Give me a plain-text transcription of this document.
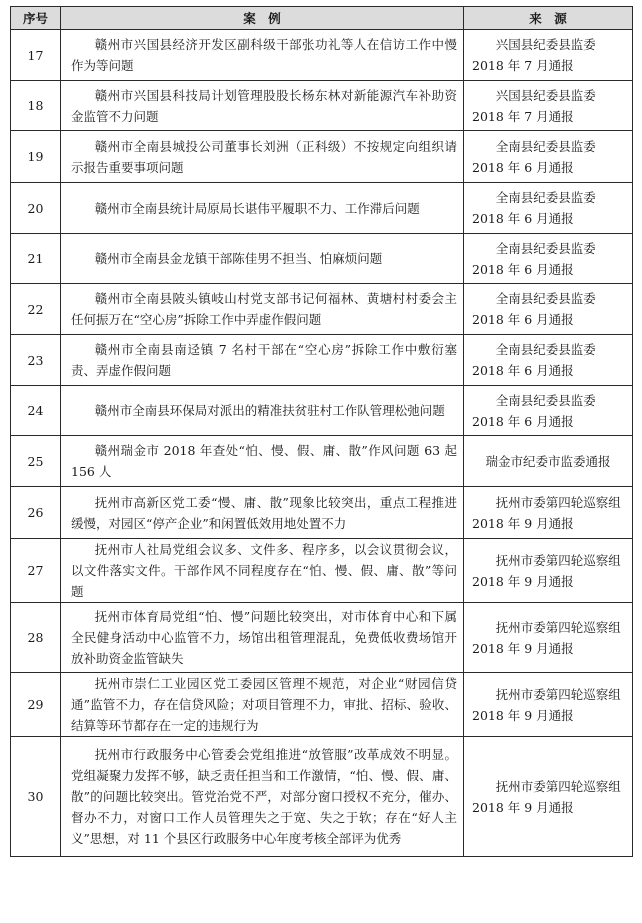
序号	案　例	来　源
17	赣州市兴国县经济开发区副科级干部张功礼等人在信访工作中慢作为等问题	兴国县纪委县监委 2018 年 7 月通报

18	赣州市兴国县科技局计划管理股股长杨东林对新能源汽车补助资金监管不力问题	兴国县纪委县监委 2018 年 7 月通报

19	赣州市全南县城投公司董事长刘洲（正科级）不按规定向组织请示报告重要事项问题	全南县纪委县监委 2018 年 6 月通报

20	赣州市全南县统计局原局长谌伟平履职不力、工作滞后问题	全南县纪委县监委 2018 年 6 月通报

21	赣州市全南县金龙镇干部陈佳男不担当、怕麻烦问题	全南县纪委县监委 2018 年 6 月通报

22	赣州市全南县陂头镇岐山村党支部书记何福林、黄塘村村委会主任何振万在“空心房”拆除工作中弄虚作假问题	全南县纪委县监委 2018 年 6 月通报

23	赣州市全南县南迳镇 7 名村干部在“空心房”拆除工作中敷衍塞责、弄虚作假问题	全南县纪委县监委 2018 年 6 月通报

24	赣州市全南县环保局对派出的精准扶贫驻村工作队管理松弛问题	全南县纪委县监委 2018 年 6 月通报

25	赣州瑞金市 2018 年查处“怕、慢、假、庸、散”作风问题 63 起 156 人	瑞金市纪委市监委通报

26	抚州市高新区党工委“慢、庸、散”现象比较突出，重点工程推进缓慢，对园区“停产企业”和闲置低效用地处置不力	抚州市委第四轮巡察组 2018 年 9 月通报

27	抚州市人社局党组会议多、文件多、程序多，以会议贯彻会议，以文件落实文件。干部作风不同程度存在“怕、慢、假、庸、散”等问题	抚州市委第四轮巡察组 2018 年 9 月通报

28	抚州市体育局党组“怕、慢”问题比较突出，对市体育中心和下属全民健身活动中心监管不力，场馆出租管理混乱，免费低收费场馆开放补助资金监管缺失	抚州市委第四轮巡察组 2018 年 9 月通报

29	抚州市崇仁工业园区党工委园区管理不规范，对企业“财园信贷通”监管不力，存在信贷风险；对项目管理不力，审批、招标、验收、结算等环节都存在一定的违规行为	抚州市委第四轮巡察组 2018 年 9 月通报

30	抚州市行政服务中心管委会党组推进“放管服”改革成效不明显。党组凝聚力发挥不够，缺乏责任担当和工作激情，“怕、慢、假、庸、散”的问题比较突出。管党治党不严，对部分窗口授权不充分，催办、督办不力，对窗口工作人员管理失之于宽、失之于软；存在“好人主义”思想，对 11 个县区行政服务中心年度考核全部评为优秀	抚州市委第四轮巡察组 2018 年 9 月通报
